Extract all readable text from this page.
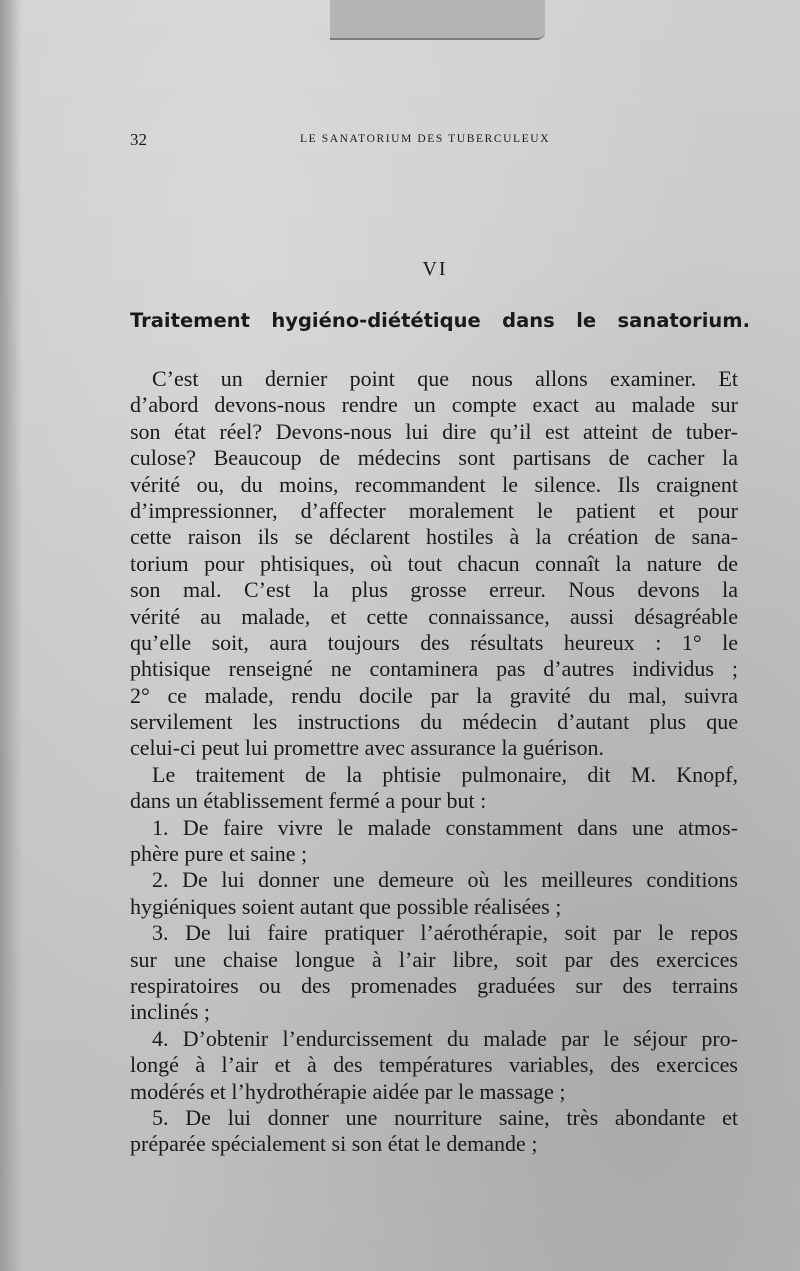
32	LE SANATORIUM DES TUBERCULEUX
VI
Traitement hygiéno-diététique dans le sanatorium.
C’est un dernier point que nous allons examiner. Et
d’abord devons-nous rendre un compte exact au malade sur
son état réel? Devons-nous lui dire qu’il est atteint de tuber-
culose? Beaucoup de médecins sont partisans de cacher la
vérité ou, du moins, recommandent le silence. Ils craignent
d’impressionner, d’affecter moralement le patient et pour
cette raison ils se déclarent hostiles à la création de sana-
torium pour phtisiques, où tout chacun connaît la nature de
son mal. C’est la plus grosse erreur. Nous devons la
vérité au malade, et cette connaissance, aussi désagréable
qu’elle soit, aura toujours des résultats heureux : 1° le
phtisique renseigné ne contaminera pas d’autres individus ;
2° ce malade, rendu docile par la gravité du mal, suivra
servilement les instructions du médecin d’autant plus que
celui-ci peut lui promettre avec assurance la guérison.
Le traitement de la phtisie pulmonaire, dit M. Knopf,
dans un établissement fermé a pour but :
1. De faire vivre le malade constamment dans une atmos-
phère pure et saine ;
2. De lui donner une demeure où les meilleures conditions
hygiéniques soient autant que possible réalisées ;
3. De lui faire pratiquer l’aérothérapie, soit par le repos
sur une chaise longue à l’air libre, soit par des exercices
respiratoires ou des promenades graduées sur des terrains
inclinés ;
4. D’obtenir l’endurcissement du malade par le séjour pro-
longé à l’air et à des températures variables, des exercices
modérés et l’hydrothérapie aidée par le massage ;
5. De lui donner une nourriture saine, très abondante et
préparée spécialement si son état le demande ;
